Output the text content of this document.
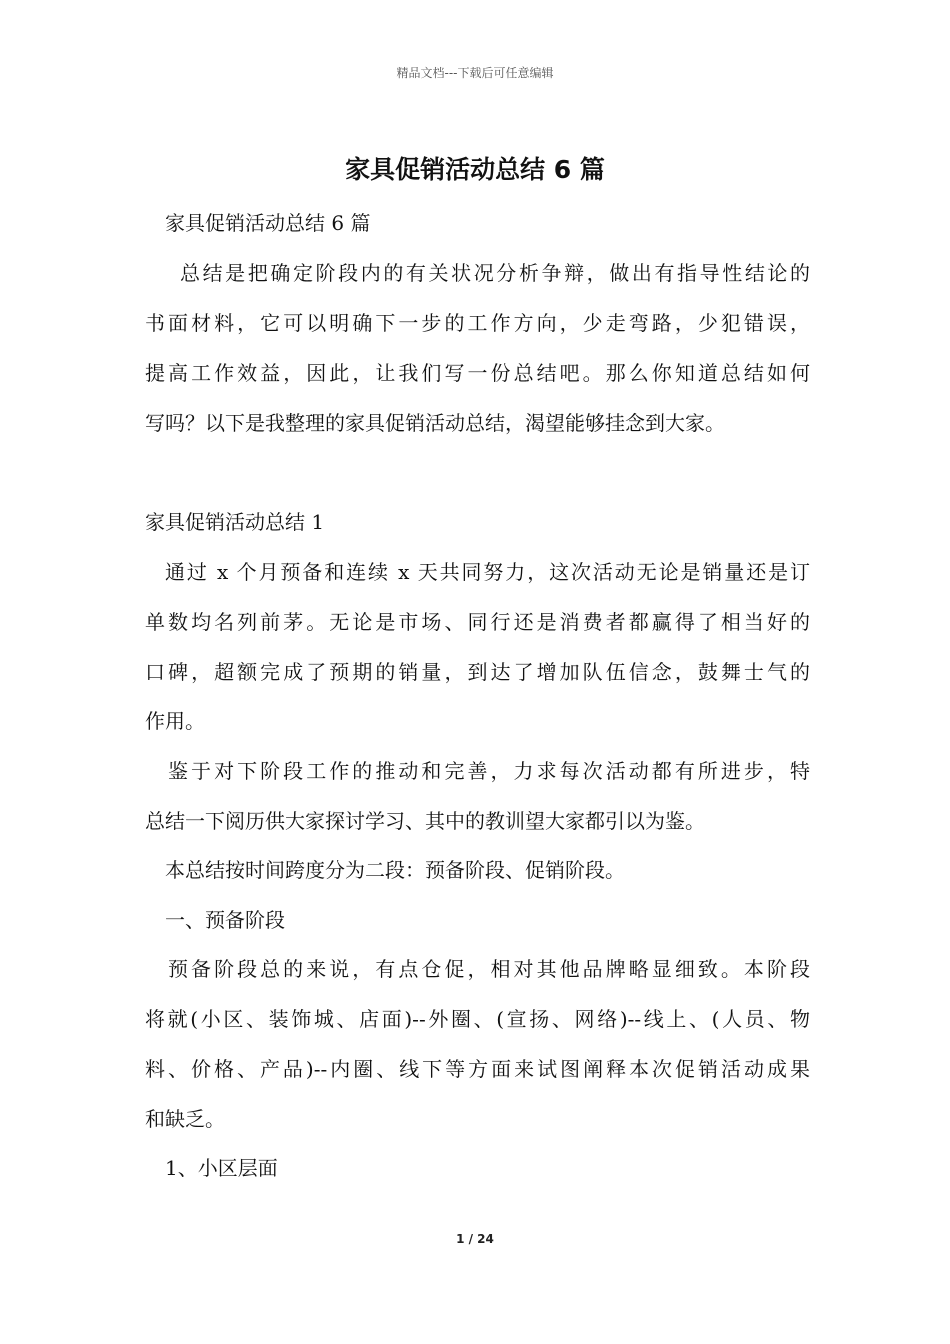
精品文档---下载后可任意编辑
家具促销活动总结 6 篇
家具促销活动总结 6 篇
总结是把确定阶段内的有关状况分析争辩，做出有指导性结论的
书面材料，它可以明确下一步的工作方向，少走弯路，少犯错误，
提高工作效益，因此，让我们写一份总结吧。那么你知道总结如何
写吗？以下是我整理的家具促销活动总结，渴望能够挂念到大家。
家具促销活动总结 1
通过 x 个月预备和连续 x 天共同努力，这次活动无论是销量还是订
单数均名列前茅。无论是市场、同行还是消费者都赢得了相当好的
口碑，超额完成了预期的销量，到达了增加队伍信念，鼓舞士气的
作用。
鉴于对下阶段工作的推动和完善，力求每次活动都有所进步，特
总结一下阅历供大家探讨学习、其中的教训望大家都引以为鉴。
本总结按时间跨度分为二段：预备阶段、促销阶段。
一、预备阶段
预备阶段总的来说，有点仓促，相对其他品牌略显细致。本阶段
将就(小区、装饰城、店面)--外圈、(宣扬、网络)--线上、(人员、物
料、价格、产品)--内圈、线下等方面来试图阐释本次促销活动成果
和缺乏。
1、小区层面
1 / 24
